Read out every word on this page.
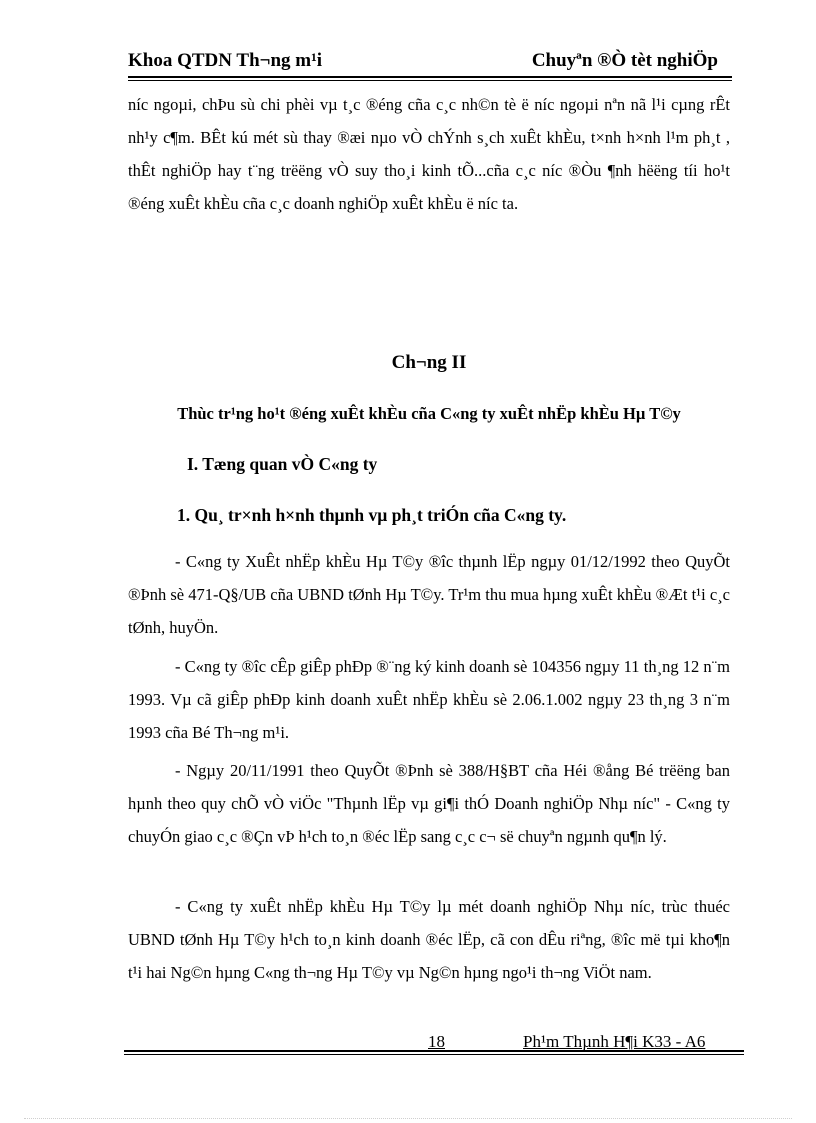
Khoa QTDN Th¬ng m¹i	Chuyªn ®Ò tèt nghiÖp

níc ngoµi, chÞu sù chi phèi vµ t¸c ®éng cña c¸c nh©n tè ë níc ngoµi nªn nã l¹i cµng rÊt nh¹y c¶m. BÊt kú mét sù thay ®æi nµo vÒ chÝnh s¸ch xuÊt khÈu, t×nh h×nh l¹m ph¸t , thÊt nghiÖp hay t¨ng trëëng vÒ suy tho¸i kinh tÕ...cña c¸c níc ®Òu ¶nh hëëng tíi ho¹t ®éng xuÊt khÈu cña c¸c doanh nghiÖp xuÊt khÈu ë níc ta.

Ch¬ng II
Thùc tr¹ng ho¹t ®éng xuÊt khÈu cña C«ng ty xuÊt nhËp khÈu Hµ T©y
I. Tæng quan vÒ C«ng ty
1. Qu¸ tr×nh h×nh thµnh vµ ph¸t triÓn cña C«ng ty.

- C«ng ty XuÊt nhËp khÈu Hµ T©y ®îc thµnh lËp ngµy 01/12/1992 theo QuyÕt ®Þnh sè 471-Q§/UB cña UBND tØnh Hµ T©y. Tr¹m thu mua hµng xuÊt khÈu ®Æt t¹i c¸c tØnh, huyÖn.

- C«ng ty ®îc cÊp giÊp phÐp ®¨ng ký kinh doanh sè 104356 ngµy 11 th¸ng 12 n¨m 1993. Vµ cã giÊp phÐp kinh doanh xuÊt nhËp khÈu sè 2.06.1.002 ngµy 23 th¸ng 3 n¨m 1993 cña Bé Th¬ng m¹i.

- Ngµy 20/11/1991 theo QuyÕt ®Þnh sè 388/H§BT cña Héi ®ång Bé trëëng ban hµnh theo quy chÕ vÒ viÖc "Thµnh lËp vµ gi¶i thÓ Doanh nghiÖp Nhµ níc" - C«ng ty chuyÓn giao c¸c ®Çn vÞ h¹ch to¸n ®éc lËp sang c¸c c¬ së chuyªn ngµnh qu¶n lý.

- C«ng ty xuÊt nhËp khÈu Hµ T©y lµ mét doanh nghiÖp Nhµ níc, trùc thuéc UBND tØnh Hµ T©y h¹ch to¸n kinh doanh ®éc lËp, cã con dÊu riªng, ®îc më tµi kho¶n t¹i hai Ng©n hµng C«ng th¬ng Hµ T©y vµ Ng©n hµng ngo¹i th¬ng ViÖt nam.

18	Ph¹m Thµnh H¶i K33 - A6
